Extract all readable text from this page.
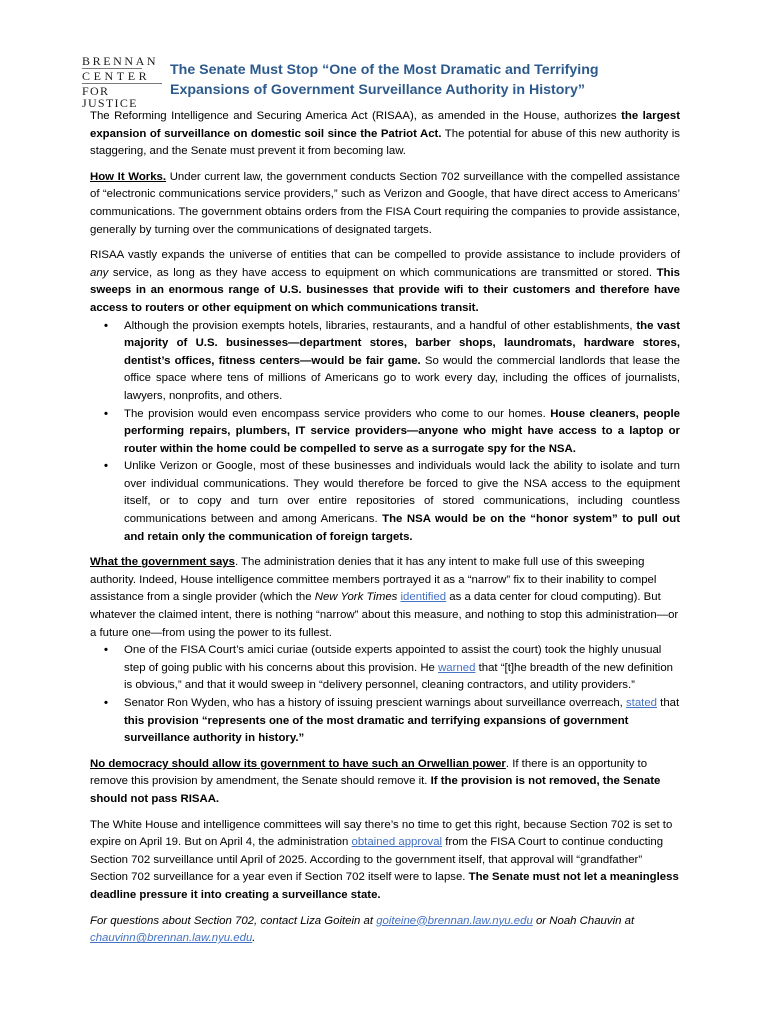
BRENNAN
CENTER
FOR JUSTICE
The Senate Must Stop “One of the Most Dramatic and Terrifying
Expansions of Government Surveillance Authority in History”

The Reforming Intelligence and Securing America Act (RISAA), as amended in the House, authorizes the largest expansion of surveillance on domestic soil since the Patriot Act. The potential for abuse of this new authority is staggering, and the Senate must prevent it from becoming law.

How It Works. Under current law, the government conducts Section 702 surveillance with the compelled assistance of “electronic communications service providers,” such as Verizon and Google, that have direct access to Americans’ communications. The government obtains orders from the FISA Court requiring the companies to provide assistance, generally by turning over the communications of designated targets.

RISAA vastly expands the universe of entities that can be compelled to provide assistance to include providers of any service, as long as they have access to equipment on which communications are transmitted or stored. This sweeps in an enormous range of U.S. businesses that provide wifi to their customers and therefore have access to routers or other equipment on which communications transit.

• Although the provision exempts hotels, libraries, restaurants, and a handful of other establishments, the vast majority of U.S. businesses—department stores, barber shops, laundromats, hardware stores, dentist’s offices, fitness centers—would be fair game. So would the commercial landlords that lease the office space where tens of millions of Americans go to work every day, including the offices of journalists, lawyers, nonprofits, and others.
• The provision would even encompass service providers who come to our homes. House cleaners, people performing repairs, plumbers, IT service providers—anyone who might have access to a laptop or router within the home could be compelled to serve as a surrogate spy for the NSA.
• Unlike Verizon or Google, most of these businesses and individuals would lack the ability to isolate and turn over individual communications. They would therefore be forced to give the NSA access to the equipment itself, or to copy and turn over entire repositories of stored communications, including countless communications between and among Americans. The NSA would be on the “honor system” to pull out and retain only the communication of foreign targets.

What the government says. The administration denies that it has any intent to make full use of this sweeping authority. Indeed, House intelligence committee members portrayed it as a “narrow” fix to their inability to compel assistance from a single provider (which the New York Times identified as a data center for cloud computing). But whatever the claimed intent, there is nothing “narrow” about this measure, and nothing to stop this administration—or a future one—from using the power to its fullest.

• One of the FISA Court’s amici curiae (outside experts appointed to assist the court) took the highly unusual step of going public with his concerns about this provision. He warned that “[t]he breadth of the new definition is obvious,” and that it would sweep in “delivery personnel, cleaning contractors, and utility providers.”
• Senator Ron Wyden, who has a history of issuing prescient warnings about surveillance overreach, stated that this provision “represents one of the most dramatic and terrifying expansions of government surveillance authority in history.”

No democracy should allow its government to have such an Orwellian power. If there is an opportunity to remove this provision by amendment, the Senate should remove it. If the provision is not removed, the Senate should not pass RISAA.

The White House and intelligence committees will say there’s no time to get this right, because Section 702 is set to expire on April 19. But on April 4, the administration obtained approval from the FISA Court to continue conducting Section 702 surveillance until April of 2025. According to the government itself, that approval will “grandfather” Section 702 surveillance for a year even if Section 702 itself were to lapse. The Senate must not let a meaningless deadline pressure it into creating a surveillance state.

For questions about Section 702, contact Liza Goitein at goiteine@brennan.law.nyu.edu or Noah Chauvin at chauvinn@brennan.law.nyu.edu.
